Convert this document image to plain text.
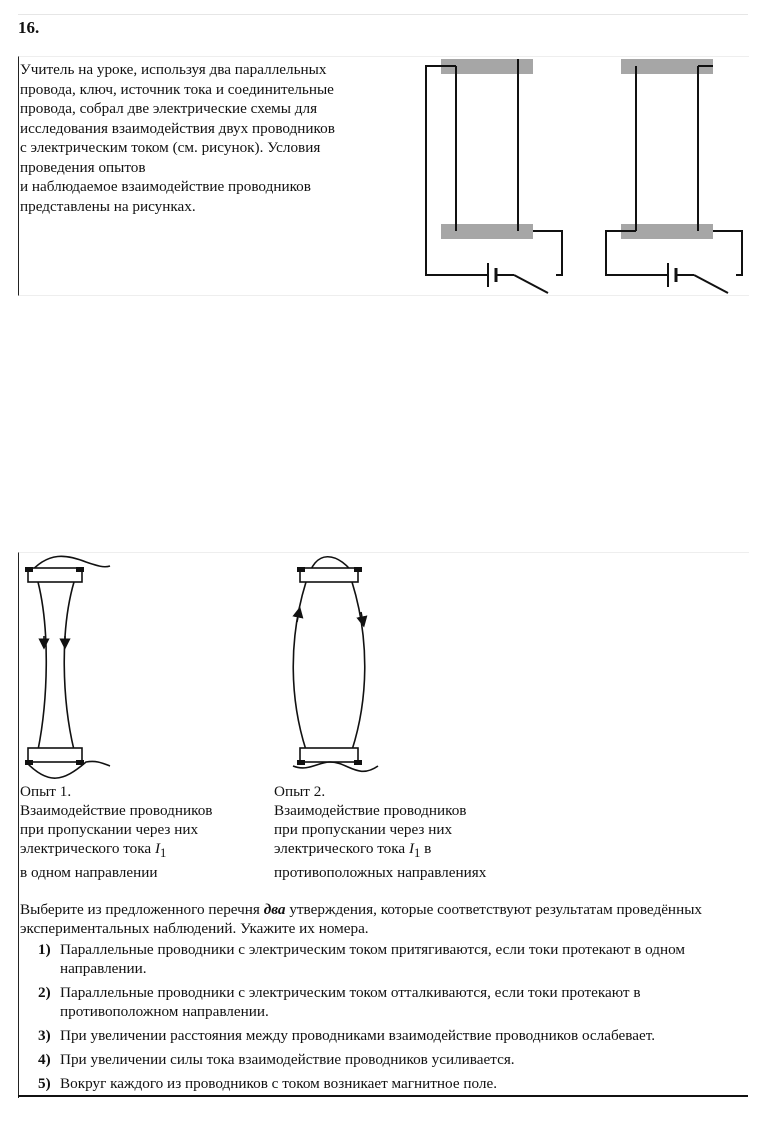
16.
Учитель на уроке, используя два параллельных
провода, ключ, источник тока и соединительные
провода, собрал две электрические схемы для
исследования взаимодействия двух проводников
с электрическим током (см. рисунок). Условия
проведения опытов
и наблюдаемое взаимодействие проводников
представлены на рисунках.
Опыт 1.
Взаимодействие проводников
при пропускании через них
электрического тока $I_1$
в одном направлении
Опыт 2.
Взаимодействие проводников
при пропускании через них
электрического тока $I_1$ в
противоположных направлениях
Выберите из предложенного перечня два утверждения, которые соответствуют результатам проведённых экспериментальных наблюдений. Укажите их номера.
1) Параллельные проводники с электрическим током притягиваются, если токи протекают в одном направлении.
2) Параллельные проводники с электрическим током отталкиваются, если токи протекают в противоположном направлении.
3) При увеличении расстояния между проводниками взаимодействие проводников ослабевает.
4) При увеличении силы тока взаимодействие проводников усиливается.
5) Вокруг каждого из проводников с током возникает магнитное поле.
